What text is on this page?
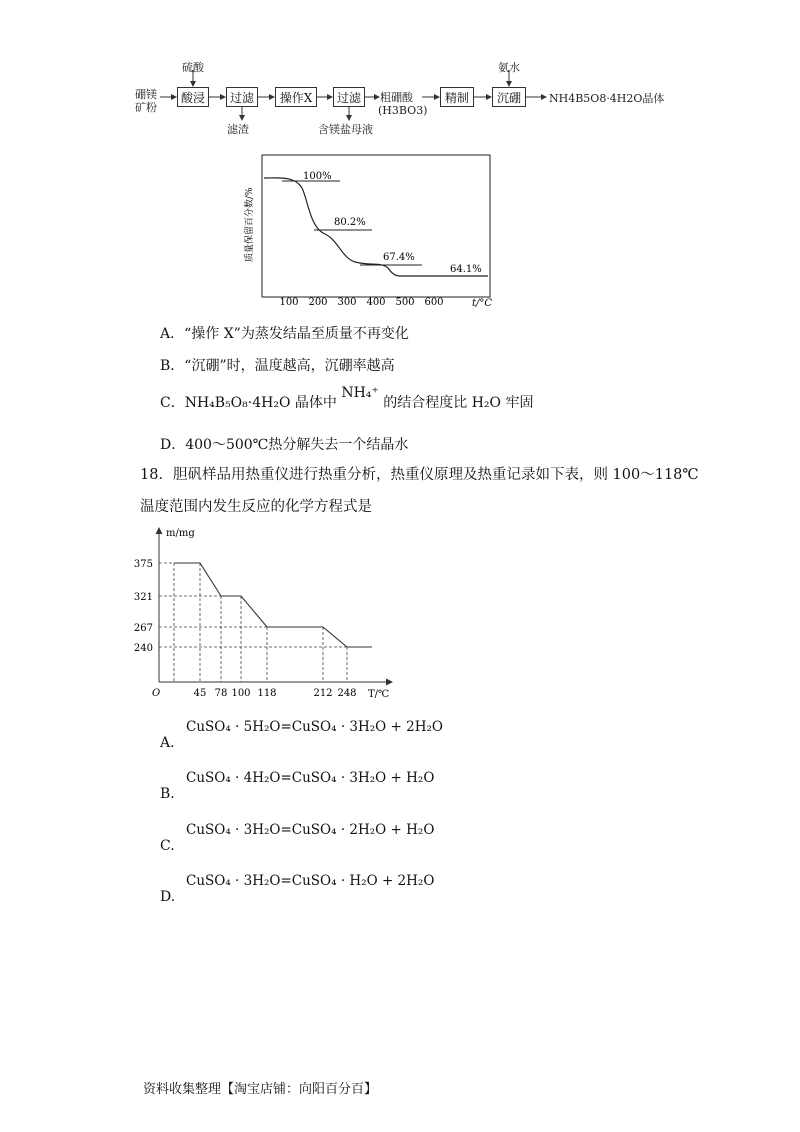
硼镁
矿粉
硫酸
酸浸	过滤
滤渣
操作X	过滤
含镁盐母液
粗硼酸
(H3BO3)
精制
氨水
沉硼	NH4B5O8·4H2O晶体
100%
80.2%
67.4%
64.1%
质量保留百分数/%
100 200 300 400 500 600	t/°C
A．“操作 X”为蒸发结晶至质量不再变化
B．“沉硼”时，温度越高，沉硼率越高
C．NH₄B₅O₈·4H₂O 晶体中 NH₄⁺ 的结合程度比 H₂O 牢固
D．400～500℃热分解失去一个结晶水
18．胆矾样品用热重仪进行热重分析，热重仪原理及热重记录如下表，则 100～118℃
温度范围内发生反应的化学方程式是
m/mg
T/℃
O
375
321
267
240
45 78 100 118	212 248
CuSO₄ · 5H₂O=CuSO₄ · 3H₂O + 2H₂O
A.
CuSO₄ · 4H₂O=CuSO₄ · 3H₂O + H₂O
B.
CuSO₄ · 3H₂O=CuSO₄ · 2H₂O + H₂O
C.
CuSO₄ · 3H₂O=CuSO₄ · H₂O + 2H₂O
D.
资料收集整理【淘宝店铺：向阳百分百】
